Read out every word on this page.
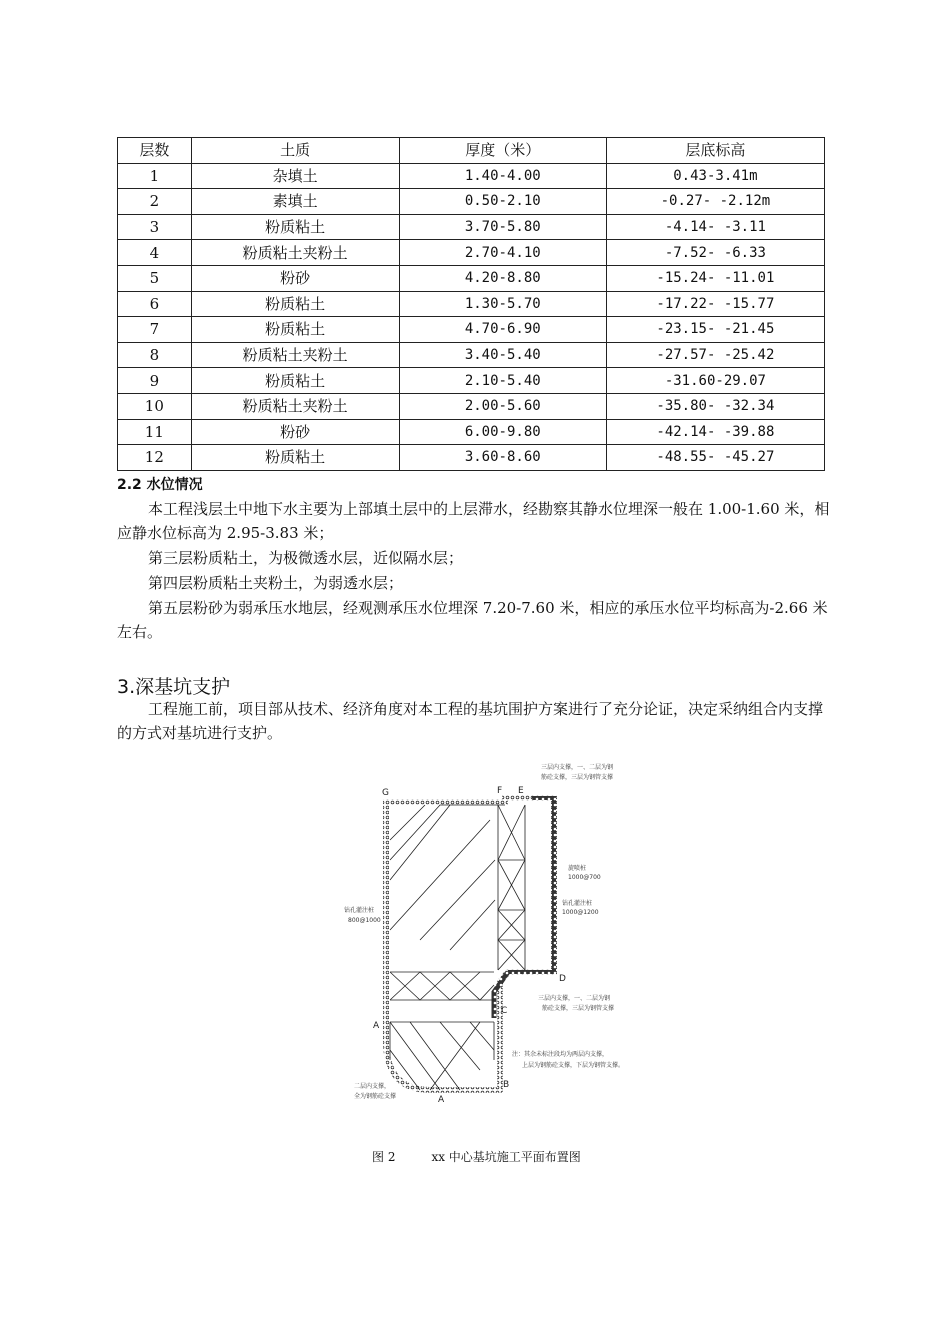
层数	土质	厚度（米）	层底标高
1	杂填土	1.40-4.00	0.43-3.41m
2	素填土	0.50-2.10	-0.27- -2.12m
3	粉质粘土	3.70-5.80	-4.14- -3.11
4	粉质粘土夹粉土	2.70-4.10	-7.52- -6.33
5	粉砂	4.20-8.80	-15.24- -11.01
6	粉质粘土	1.30-5.70	-17.22- -15.77
7	粉质粘土	4.70-6.90	-23.15- -21.45
8	粉质粘土夹粉土	3.40-5.40	-27.57- -25.42
9	粉质粘土	2.10-5.40	-31.60-29.07
10	粉质粘土夹粉土	2.00-5.60	-35.80- -32.34
11	粉砂	6.00-9.80	-42.14- -39.88
12	粉质粘土	3.60-8.60	-48.55- -45.27
2.2 水位情况
本工程浅层土中地下水主要为上部填土层中的上层滞水，经勘察其静水位埋深一般在 1.00-1.60 米，相应静水位标高为 2.95-3.83 米；
第三层粉质粘土，为极微透水层，近似隔水层；
第四层粉质粘土夹粉土，为弱透水层；
第五层粉砂为弱承压水地层，经观测承压水位埋深 7.20-7.60 米，相应的承压水位平均标高为-2.66 米左右。
3.深基坑支护
工程施工前，项目部从技术、经济角度对本工程的基坑围护方案进行了充分论证，决定采纳组合内支撑的方式对基坑进行支护。
G	F E
D
C
B
A
A
三层内支撑，一、二层为钢
筋砼支撑，三层为钢管支撑
旋喷桩
1000@700
钻孔灌注桩
1000@1200
钻孔灌注桩
800@1000
三层内支撑，一、二层为钢
筋砼支撑，三层为钢管支撑
注：其余未标注段均为两层内支撑，
上层为钢筋砼支撑，下层为钢管支撑。
二层内支撑，
全为钢筋砼支撑
图 2	xx 中心基坑施工平面布置图
